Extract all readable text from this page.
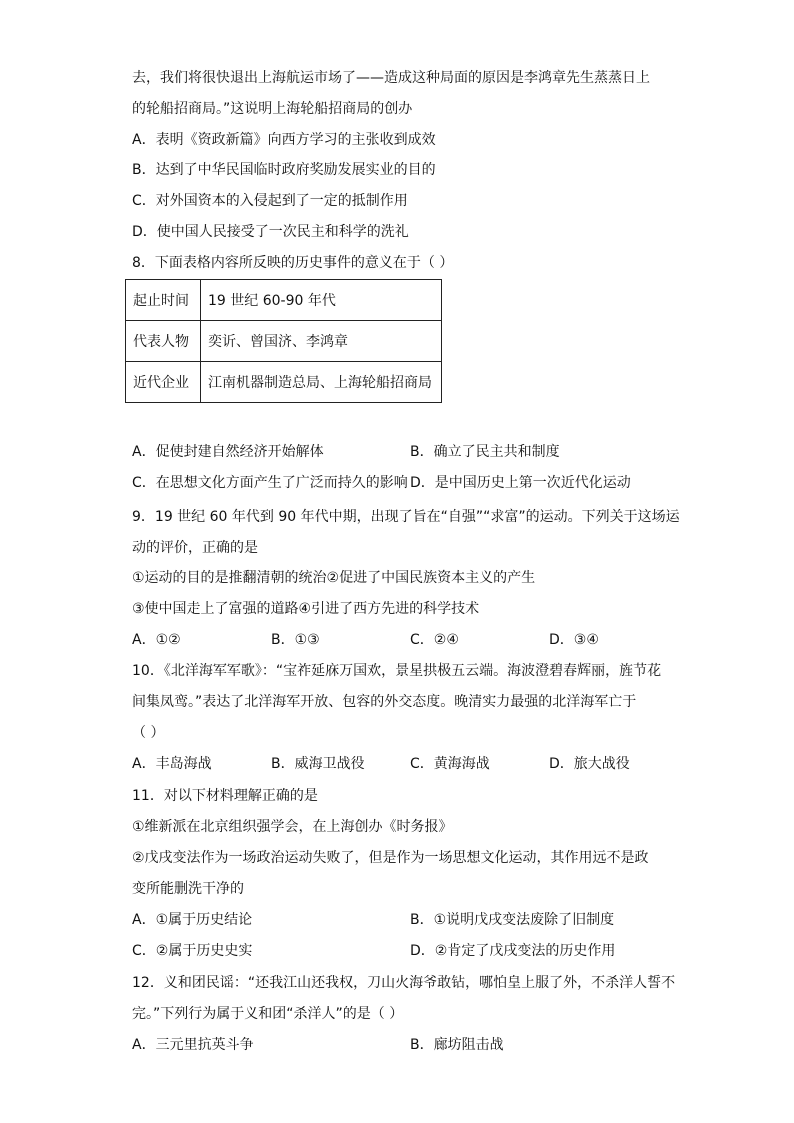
去，我们将很快退出上海航运市场了——造成这种局面的原因是李鸿章先生蒸蒸日上
的轮船招商局。”这说明上海轮船招商局的创办
A．表明《资政新篇》向西方学习的主张收到成效
B．达到了中华民国临时政府奖励发展实业的目的
C．对外国资本的入侵起到了一定的抵制作用
D．使中国人民接受了一次民主和科学的洗礼
8．下面表格内容所反映的历史事件的意义在于（ ）
起止时间	19 世纪 60-90 年代
代表人物	奕䜣、曾国济、李鸿章
近代企业	江南机器制造总局、上海轮船招商局
A．促使封建自然经济开始解体	B．确立了民主共和制度
C．在思想文化方面产生了广泛而持久的影响 D．是中国历史上第一次近代化运动
9．19 世纪 60 年代到 90 年代中期，出现了旨在“自强”“求富”的运动。下列关于这场运
动的评价，正确的是
①运动的目的是推翻清朝的统治②促进了中国民族资本主义的产生
③使中国走上了富强的道路④引进了西方先进的科学技术
A．①②	B．①③	C．②④	D．③④
10．《北洋海军军歌》：“宝祚延庥万国欢，景星拱极五云端。海波澄碧春辉丽，旌节花
间集凤鸾。”表达了北洋海军开放、包容的外交态度。晚清实力最强的北洋海军亡于
（ ）
A．丰岛海战	B．威海卫战役	C．黄海海战	D．旅大战役
11．对以下材料理解正确的是
①维新派在北京组织强学会，在上海创办《时务报》
②戊戌变法作为一场政治运动失败了，但是作为一场思想文化运动，其作用远不是政
变所能删洗干净的
A．①属于历史结论	B．①说明戊戌变法废除了旧制度
C．②属于历史史实	D．②肯定了戊戌变法的历史作用
12．义和团民谣：“还我江山还我权，刀山火海爷敢钻，哪怕皇上服了外，不杀洋人誓不
完。”下列行为属于义和团“杀洋人”的是（ ）
A．三元里抗英斗争	B．廊坊阻击战
